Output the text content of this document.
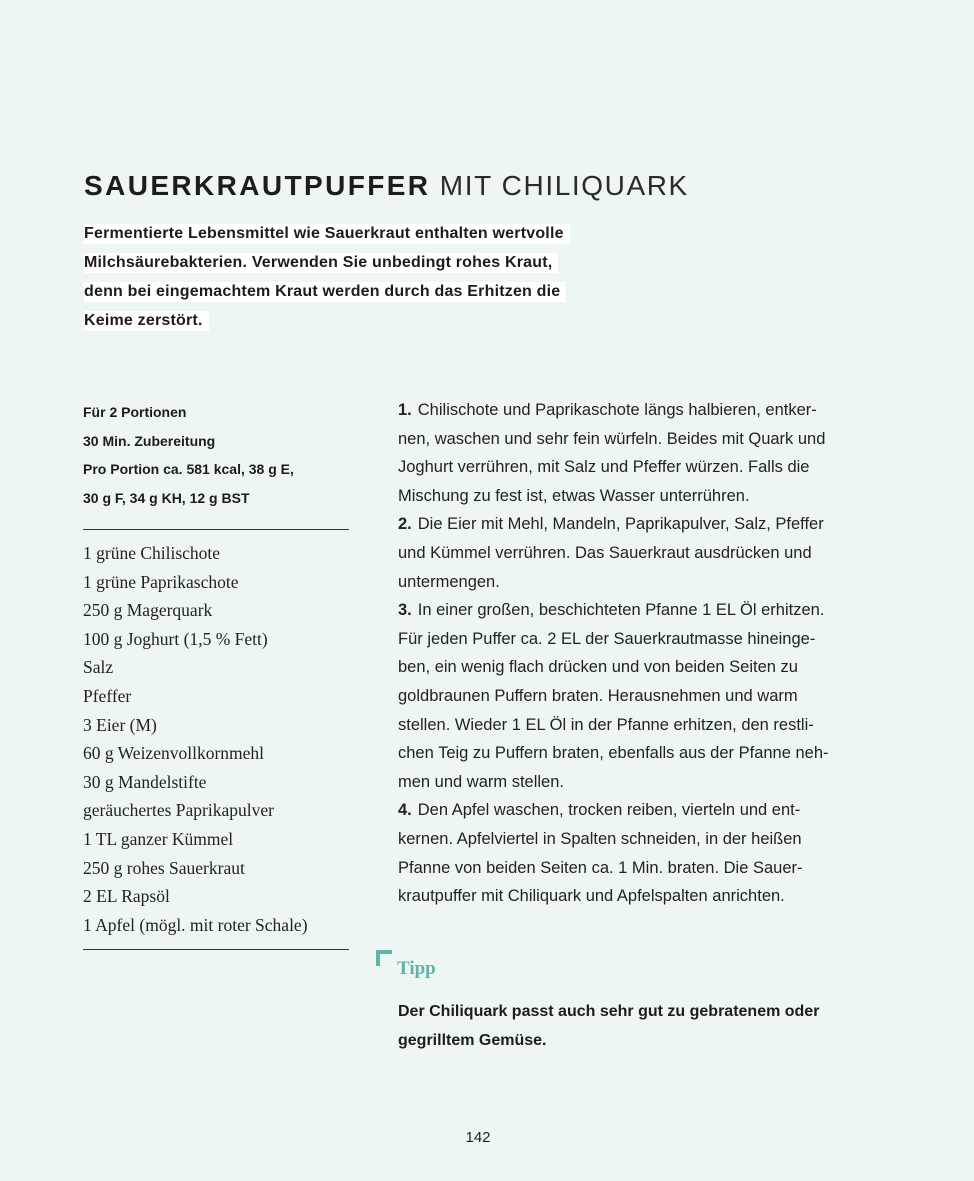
SAUERKRAUTPUFFER MIT CHILIQUARK

Fermentierte Lebensmittel wie Sauerkraut enthalten wertvolle
Milchsäurebakterien. Verwenden Sie unbedingt rohes Kraut,
denn bei eingemachtem Kraut werden durch das Erhitzen die
Keime zerstört.

Für 2 Portionen
30 Min. Zubereitung
Pro Portion ca. 581 kcal, 38 g E,
30 g F, 34 g KH, 12 g BST
1 grüne Chilischote
1 grüne Paprikaschote
250 g Magerquark
100 g Joghurt (1,5 % Fett)
Salz
Pfeffer
3 Eier (M)
60 g Weizenvollkornmehl
30 g Mandelstifte
geräuchertes Paprikapulver
1 TL ganzer Kümmel
250 g rohes Sauerkraut
2 EL Rapsöl
1 Apfel (mögl. mit roter Schale)
1. Chilischote und Paprikaschote längs halbieren, entker-
nen, waschen und sehr fein würfeln. Beides mit Quark und
Joghurt verrühren, mit Salz und Pfeffer würzen. Falls die
Mischung zu fest ist, etwas Wasser unterrühren.
2. Die Eier mit Mehl, Mandeln, Paprikapulver, Salz, Pfeffer
und Kümmel verrühren. Das Sauerkraut ausdrücken und
untermengen.
3. In einer großen, beschichteten Pfanne 1 EL Öl erhitzen.
Für jeden Puffer ca. 2 EL der Sauerkrautmasse hineinge-
ben, ein wenig flach drücken und von beiden Seiten zu
goldbraunen Puffern braten. Herausnehmen und warm
stellen. Wieder 1 EL Öl in der Pfanne erhitzen, den restli-
chen Teig zu Puffern braten, ebenfalls aus der Pfanne neh-
men und warm stellen.
4. Den Apfel waschen, trocken reiben, vierteln und ent-
kernen. Apfelviertel in Spalten schneiden, in der heißen
Pfanne von beiden Seiten ca. 1 Min. braten. Die Sauer-
krautpuffer mit Chiliquark und Apfelspalten anrichten.
Tipp
Der Chiliquark passt auch sehr gut zu gebratenem oder
gegrilltem Gemüse.
142
